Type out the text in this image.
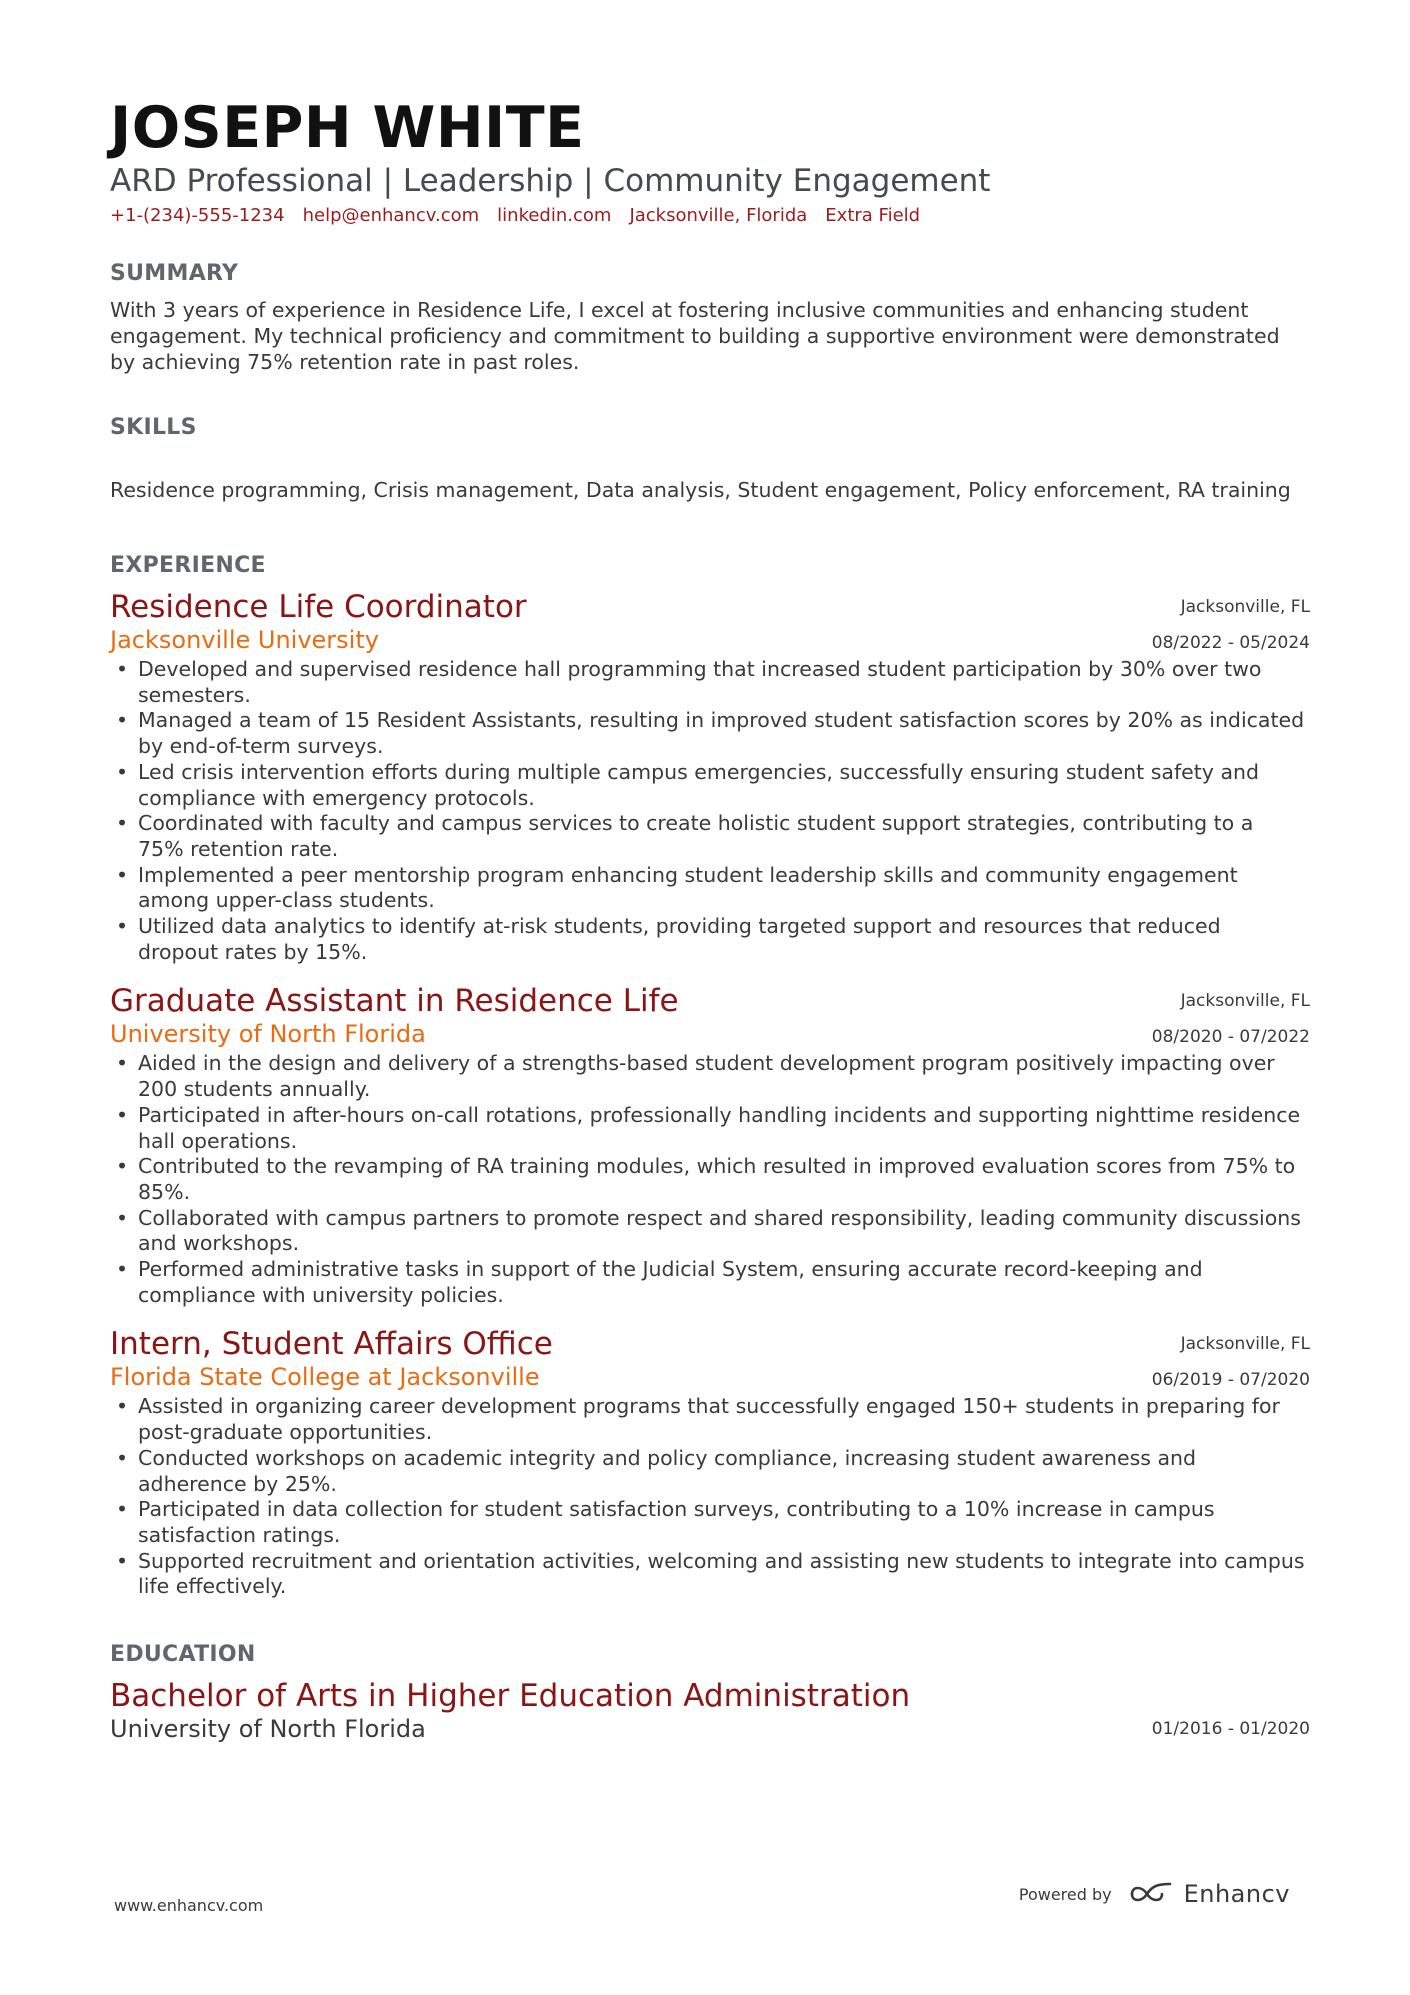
JOSEPH WHITE
ARD Professional | Leadership | Community Engagement
+1-(234)-555-1234 help@enhancv.com linkedin.com Jacksonville, Florida Extra Field
SUMMARY
With 3 years of experience in Residence Life, I excel at fostering inclusive communities and enhancing student engagement. My technical proficiency and commitment to building a supportive environment were demonstrated by achieving 75% retention rate in past roles.
SKILLS
Residence programming, Crisis management, Data analysis, Student engagement, Policy enforcement, RA training
EXPERIENCE
Residence Life Coordinator
Jacksonville University
Jacksonville, FL
08/2022 - 05/2024
• Developed and supervised residence hall programming that increased student participation by 30% over two semesters.
• Managed a team of 15 Resident Assistants, resulting in improved student satisfaction scores by 20% as indicated by end-of-term surveys.
• Led crisis intervention efforts during multiple campus emergencies, successfully ensuring student safety and compliance with emergency protocols.
• Coordinated with faculty and campus services to create holistic student support strategies, contributing to a 75% retention rate.
• Implemented a peer mentorship program enhancing student leadership skills and community engagement among upper-class students.
• Utilized data analytics to identify at-risk students, providing targeted support and resources that reduced dropout rates by 15%.
Graduate Assistant in Residence Life
University of North Florida
Jacksonville, FL
08/2020 - 07/2022
• Aided in the design and delivery of a strengths-based student development program positively impacting over 200 students annually.
• Participated in after-hours on-call rotations, professionally handling incidents and supporting nighttime residence hall operations.
• Contributed to the revamping of RA training modules, which resulted in improved evaluation scores from 75% to 85%.
• Collaborated with campus partners to promote respect and shared responsibility, leading community discussions and workshops.
• Performed administrative tasks in support of the Judicial System, ensuring accurate record-keeping and compliance with university policies.
Intern, Student Affairs Office
Florida State College at Jacksonville
Jacksonville, FL
06/2019 - 07/2020
• Assisted in organizing career development programs that successfully engaged 150+ students in preparing for post-graduate opportunities.
• Conducted workshops on academic integrity and policy compliance, increasing student awareness and adherence by 25%.
• Participated in data collection for student satisfaction surveys, contributing to a 10% increase in campus satisfaction ratings.
• Supported recruitment and orientation activities, welcoming and assisting new students to integrate into campus life effectively.
EDUCATION
Bachelor of Arts in Higher Education Administration
University of North Florida	01/2016 - 01/2020
www.enhancv.com
Powered by	Enhancv
